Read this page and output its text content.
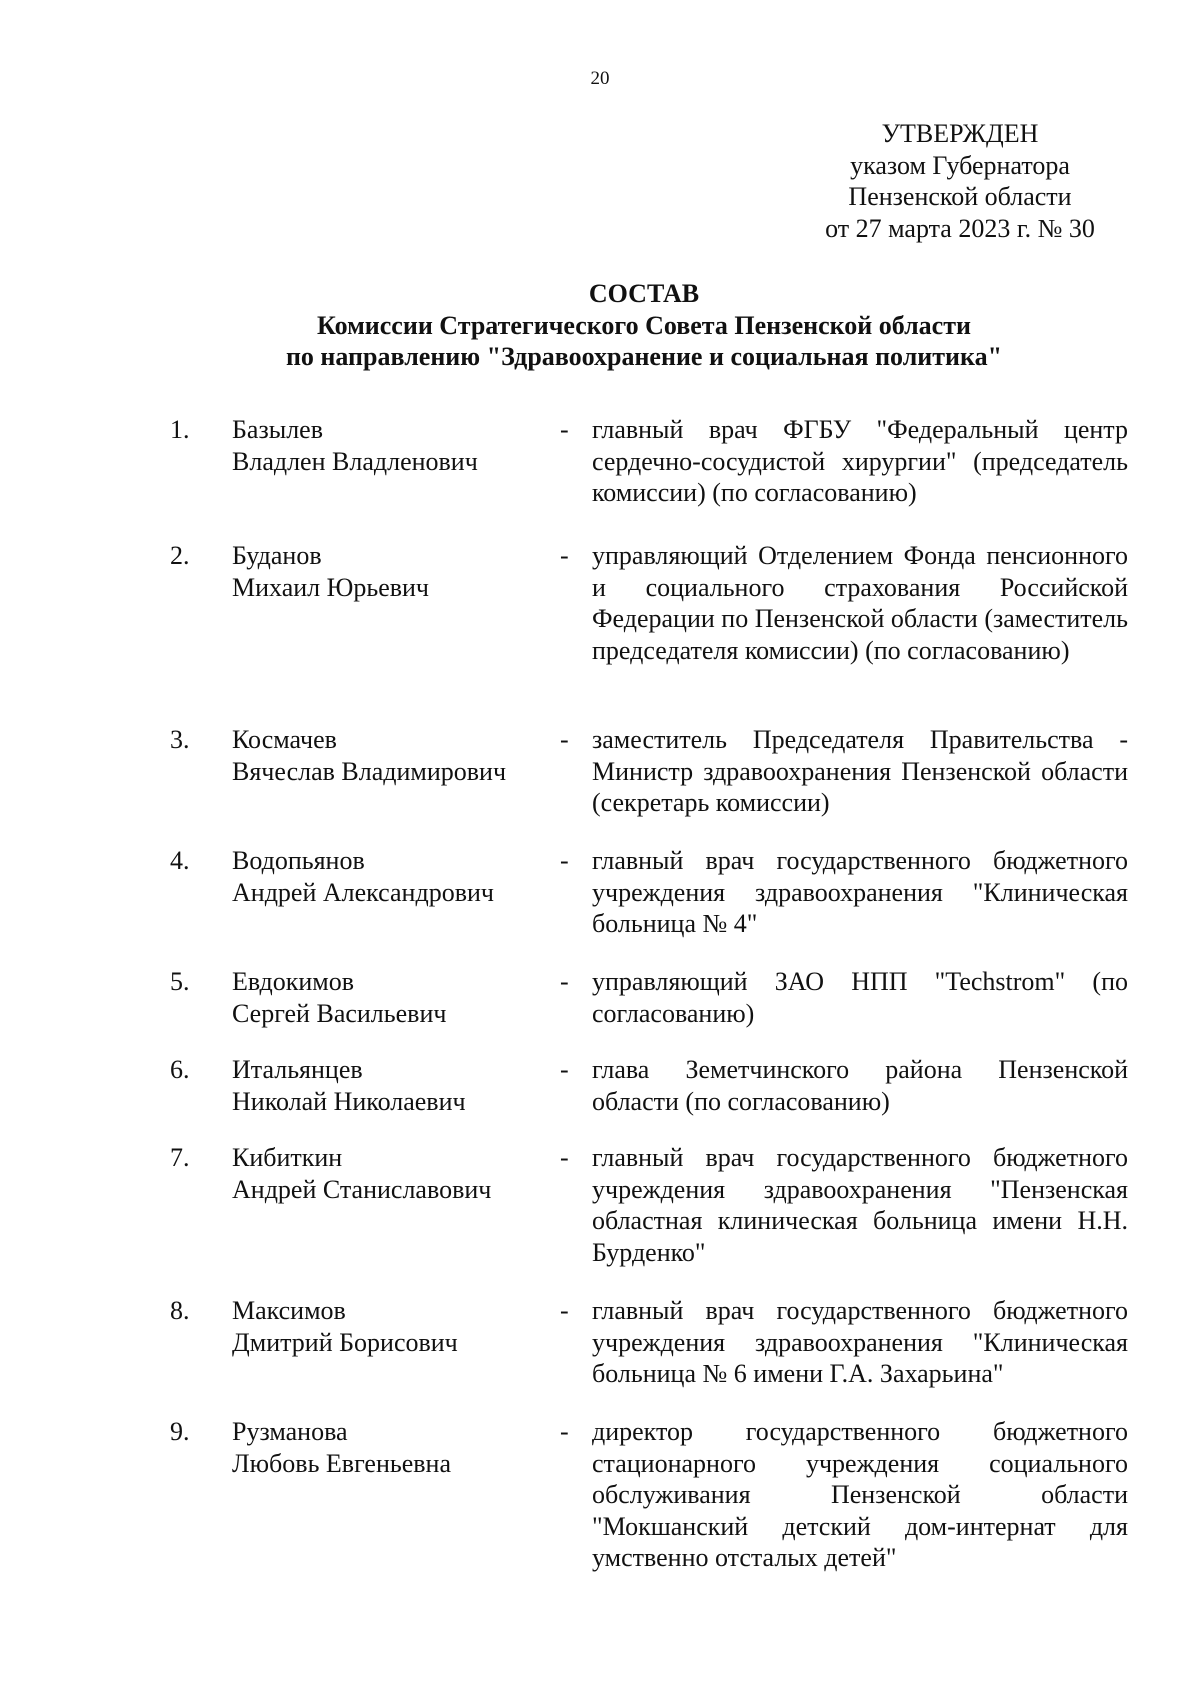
20
УТВЕРЖДЕН
указом Губернатора
Пензенской области
от 27 марта 2023 г. № 30
СОСТАВ
Комиссии Стратегического Совета Пензенской области
по направлению "Здравоохранение и социальная политика"
1. Базылев
Владлен Владленович
- главный врач ФГБУ "Федеральный центр сердечно-сосудистой хирургии" (председатель комиссии) (по согласованию)
2. Буданов
Михаил Юрьевич
- управляющий Отделением Фонда пенсионного и социального страхования Российской Федерации по Пензенской области (заместитель председателя комиссии) (по согласованию)
3. Космачев
Вячеслав Владимирович
- заместитель Председателя Правительства - Министр здравоохранения Пензенской области (секретарь комиссии)
4. Водопьянов
Андрей Александрович
- главный врач государственного бюджетного учреждения здравоохранения "Клиническая больница № 4"
5. Евдокимов
Сергей Васильевич
- управляющий ЗАО НПП "Techstrom" (по согласованию)
6. Итальянцев
Николай Николаевич
- глава Земетчинского района Пензенской области (по согласованию)
7. Кибиткин
Андрей Станиславович
- главный врач государственного бюджетного учреждения здравоохранения "Пензенская областная клиническая больница имени Н.Н. Бурденко"
8. Максимов
Дмитрий Борисович
- главный врач государственного бюджетного учреждения здравоохранения "Клиническая больница № 6 имени Г.А. Захарьина"
9. Рузманова
Любовь Евгеньевна
- директор государственного бюджетного стационарного учреждения социального обслуживания Пензенской области "Мокшанский детский дом-интернат для умственно отсталых детей"
